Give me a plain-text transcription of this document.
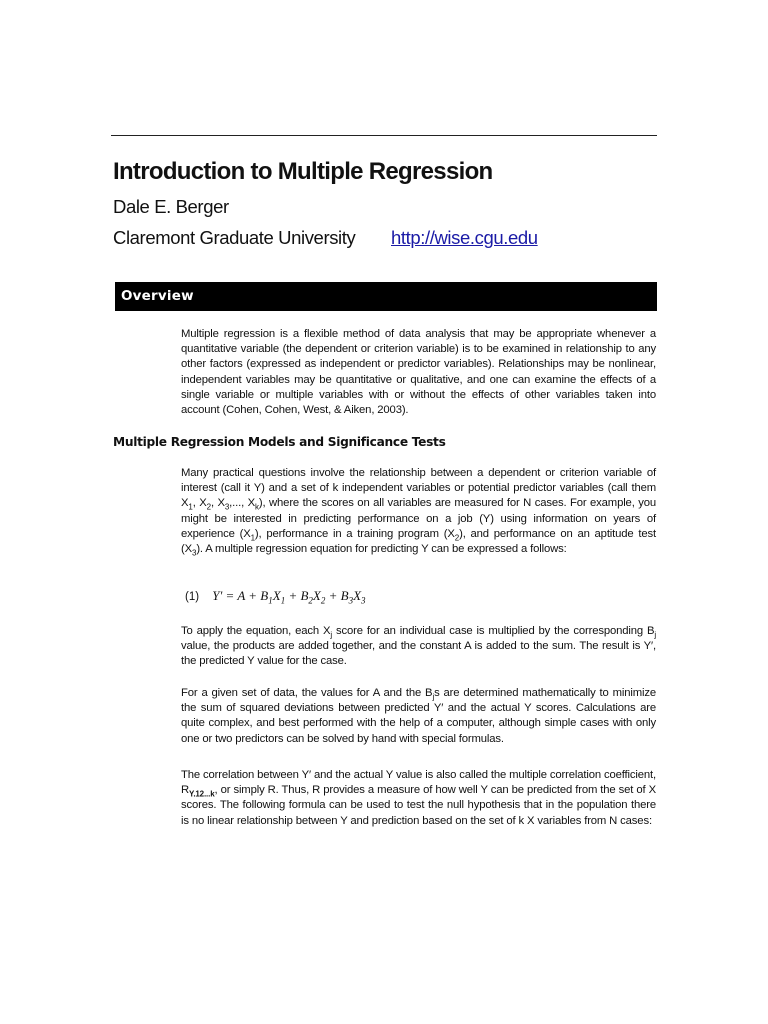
Introduction to Multiple Regression
Dale E. Berger
Claremont Graduate University http://wise.cgu.edu
Overview

Multiple regression is a flexible method of data analysis that may be appropriate whenever a quantitative variable (the dependent or criterion variable) is to be examined in relationship to any other factors (expressed as independent or predictor variables). Relationships may be nonlinear, independent variables may be quantitative or qualitative, and one can examine the effects of a single variable or multiple variables with or without the effects of other variables taken into account (Cohen, Cohen, West, & Aiken, 2003).

Multiple Regression Models and Significance Tests

Many practical questions involve the relationship between a dependent or criterion variable of interest (call it Y) and a set of k independent variables or potential predictor variables (call them $X_1$, $X_2$, $X_3$,..., $X_k$), where the scores on all variables are measured for N cases. For example, you might be interested in predicting performance on a job (Y) using information on years of experience $(X_1)$, performance in a training program $(X_2)$, and performance on an aptitude test $(X_3)$. A multiple regression equation for predicting Y can be expressed a follows:

(1) $Y' = A + B_1X_1 + B_2X_2 + B_3X_3$

To apply the equation, each $X_j$ score for an individual case is multiplied by the corresponding $B_j$ value, the products are added together, and the constant A is added to the sum. The result is Y′, the predicted Y value for the case.

For a given set of data, the values for A and the $B_js$ are determined mathematically to minimize the sum of squared deviations between predicted Y′ and the actual Y scores. Calculations are quite complex, and best performed with the help of a computer, although simple cases with only one or two predictors can be solved by hand with special formulas.

The correlation between Y′ and the actual Y value is also called the multiple correlation coefficient, $R_{Y.12...k}$, or simply R. Thus, R provides a measure of how well Y can be predicted from the set of X scores. The following formula can be used to test the null hypothesis that in the population there is no linear relationship between Y and prediction based on the set of k X variables from N cases:
